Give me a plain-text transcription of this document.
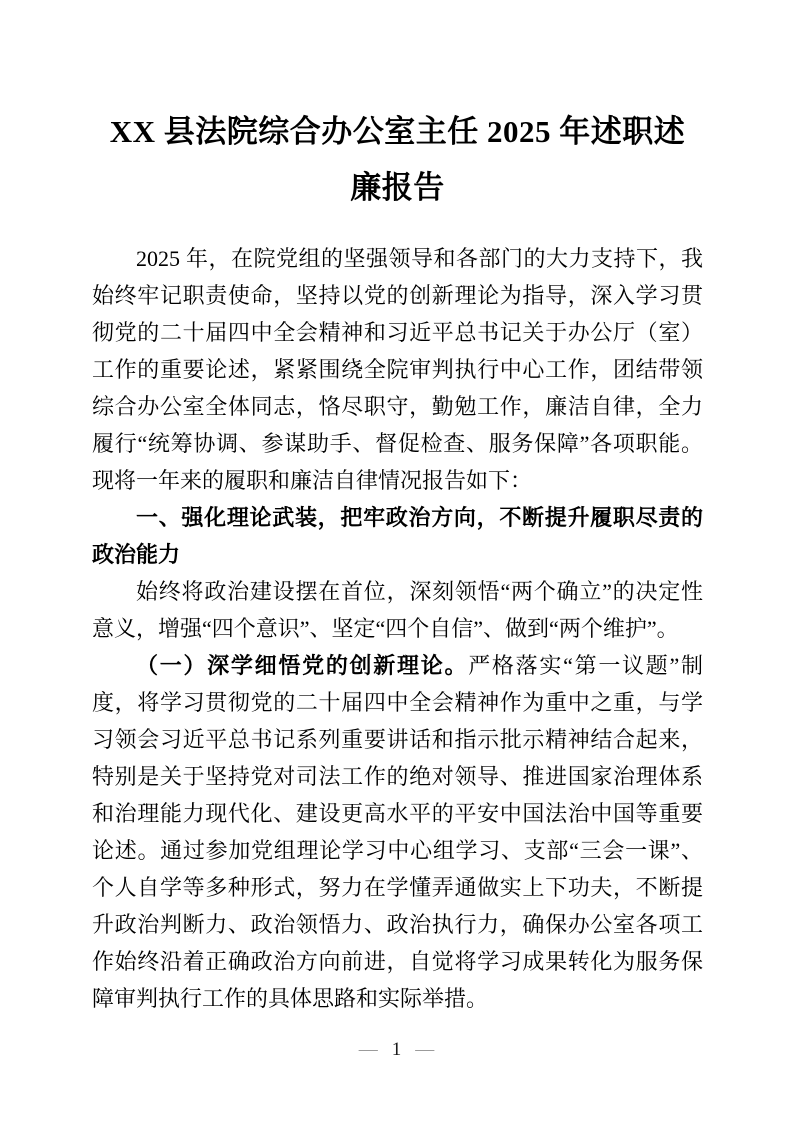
XX 县法院综合办公室主任 2025 年述职述廉报告

2025 年，在院党组的坚强领导和各部门的大力支持下，我始终牢记职责使命，坚持以党的创新理论为指导，深入学习贯彻党的二十届四中全会精神和习近平总书记关于办公厅（室）工作的重要论述，紧紧围绕全院审判执行中心工作，团结带领综合办公室全体同志，恪尽职守，勤勉工作，廉洁自律，全力履行“统筹协调、参谋助手、督促检查、服务保障”各项职能。现将一年来的履职和廉洁自律情况报告如下：

一、强化理论武装，把牢政治方向，不断提升履职尽责的政治能力

始终将政治建设摆在首位，深刻领悟“两个确立”的决定性意义，增强“四个意识”、坚定“四个自信”、做到“两个维护”。

（一）深学细悟党的创新理论。严格落实“第一议题”制度，将学习贯彻党的二十届四中全会精神作为重中之重，与学习领会习近平总书记系列重要讲话和指示批示精神结合起来，特别是关于坚持党对司法工作的绝对领导、推进国家治理体系和治理能力现代化、建设更高水平的平安中国法治中国等重要论述。通过参加党组理论学习中心组学习、支部“三会一课”、个人自学等多种形式，努力在学懂弄通做实上下功夫，不断提升政治判断力、政治领悟力、政治执行力，确保办公室各项工作始终沿着正确政治方向前进，自觉将学习成果转化为服务保障审判执行工作的具体思路和实际举措。

— 1 —
